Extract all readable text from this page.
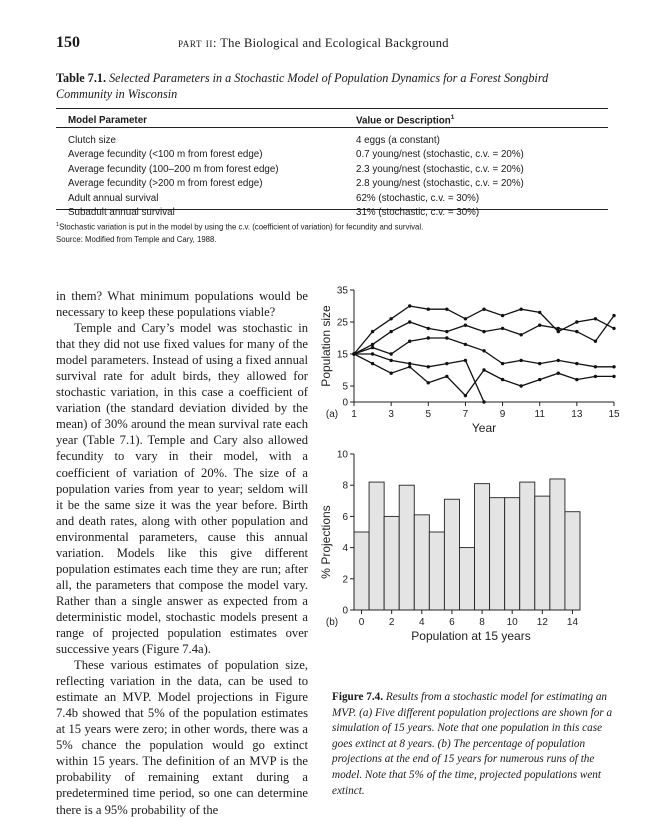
150	part ii: The Biological and Ecological Background
Table 7.1. Selected Parameters in a Stochastic Model of Population Dynamics for a Forest Songbird Community in Wisconsin
Model Parameter	Value or Description$^1$

Clutch size	4 eggs (a constant)
Average fecundity (<100 m from forest edge)	0.7 young/nest (stochastic, c.v. = 20%)
Average fecundity (100–200 m from forest edge)	2.3 young/nest (stochastic, c.v. = 20%)
Average fecundity (>200 m from forest edge)	2.8 young/nest (stochastic, c.v. = 20%)
Adult annual survival	62% (stochastic, c.v. = 30%)
Subadult annual survival	31% (stochastic, c.v. = 30%)
$^1$Stochastic variation is put in the model by using the c.v. (coefficient of variation) for fecundity and survival.
Source: Modified from Temple and Cary, 1988.

in them? What minimum populations would be necessary to keep these populations viable?

Temple and Cary’s model was stochastic in that they did not use fixed values for many of the model parameters. Instead of using a fixed annual survival rate for adult birds, they allowed for stochastic variation, in this case a coefficient of variation (the standard deviation divided by the mean) of 30% around the mean survival rate each year (Table 7.1). Temple and Cary also allowed fecundity to vary in their model, with a coefficient of variation of 20%. The size of a population varies from year to year; seldom will it be the same size it was the year before. Birth and death rates, along with other population and environmental parameters, cause this annual variation. Models like this give different population estimates each time they are run; after all, the parameters that compose the model vary. Rather than a single answer as expected from a deterministic model, stochastic models present a range of projected population estimates over successive years (Figure 7.4a).

These various estimates of population size, reflecting variation in the data, can be used to estimate an MVP. Model projections in Figure 7.4b showed that 5% of the population estimates at 15 years were zero; in other words, there was a 5% chance the population would go extinct within 15 years. The definition of an MVP is the probability of remaining extant during a predetermined time period, so one can determine there is a 95% probability of the

0
5
15
25
35
1	3	5	7	9	11	13	15
(a)
Year
Population size
0
2
4
6
8
10
0 2 4 6 8 10 12 14
(b)
Population at 15 years
% Projections
Figure 7.4. Results from a stochastic model for estimating an MVP. (a) Five different population projections are shown for a simulation of 15 years. Note that one population in this case goes extinct at 8 years. (b) The percentage of population projections at the end of 15 years for numerous runs of the model. Note that 5% of the time, projected populations went extinct.
